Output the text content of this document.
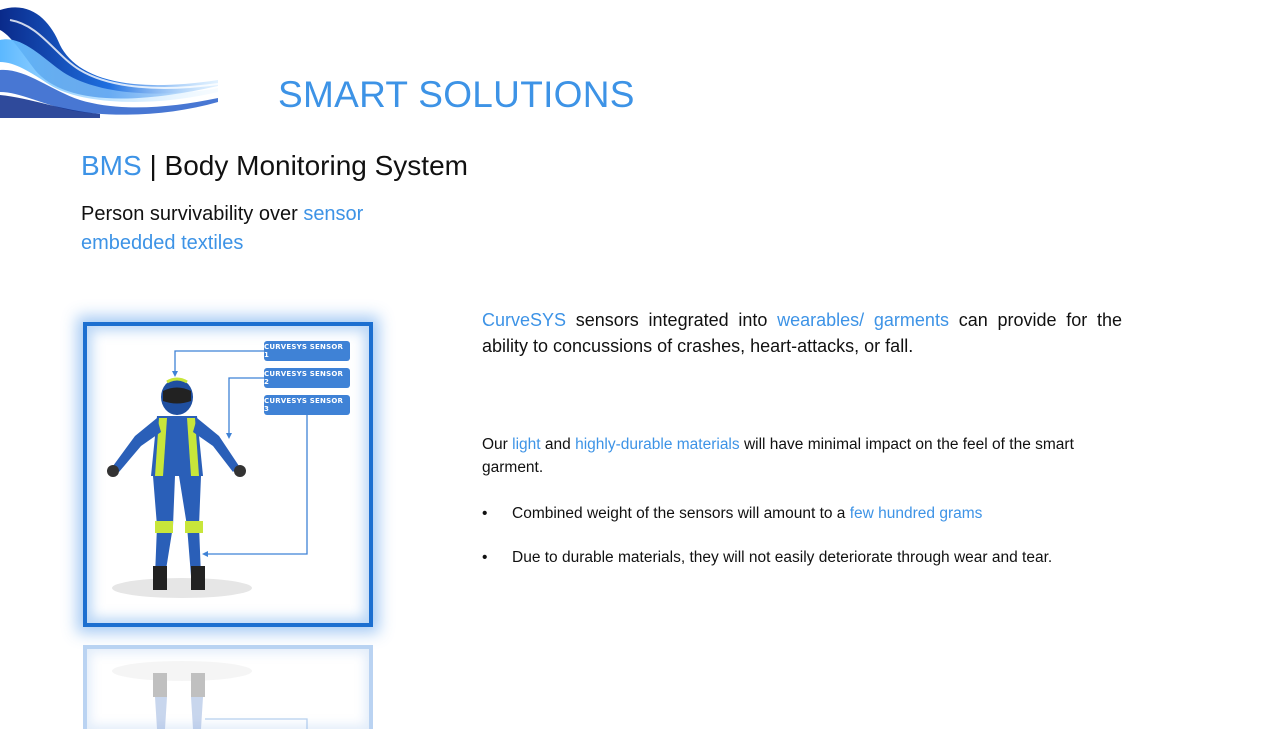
SMART SOLUTIONS
BMS | Body Monitoring System
Person survivability over sensor embedded textiles
CURVESYS SENSOR 1
CURVESYS SENSOR 2
CURVESYS SENSOR 3

CurveSYS sensors integrated into wearables/ garments can provide for the ability to concussions of crashes, heart-attacks, or fall.

Our light and highly-durable materials will have minimal impact on the feel of the smart garment.

• Combined weight of the sensors will amount to a few hundred grams
• Due to durable materials, they will not easily deteriorate through wear and tear.
